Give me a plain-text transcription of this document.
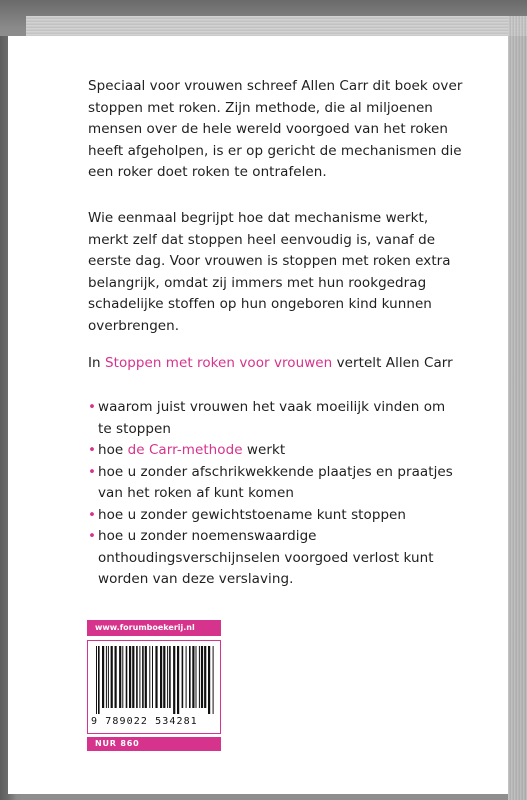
Speciaal voor vrouwen schreef Allen Carr dit boek over
stoppen met roken. Zijn methode, die al miljoenen
mensen over de hele wereld voorgoed van het roken
heeft afgeholpen, is er op gericht de mechanismen die
een roker doet roken te ontrafelen.
Wie eenmaal begrijpt hoe dat mechanisme werkt,
merkt zelf dat stoppen heel eenvoudig is, vanaf de
eerste dag. Voor vrouwen is stoppen met roken extra
belangrijk, omdat zij immers met hun rookgedrag
schadelijke stoffen op hun ongeboren kind kunnen
overbrengen.
In Stoppen met roken voor vrouwen vertelt Allen Carr
• waarom juist vrouwen het vaak moeilijk vinden om
te stoppen
• hoe de Carr-methode werkt
• hoe u zonder afschrikwekkende plaatjes en praatjes
van het roken af kunt komen
• hoe u zonder gewichtstoename kunt stoppen
• hoe u zonder noemenswaardige
onthoudingsverschijnselen voorgoed verlost kunt
worden van deze verslaving.
www.forumboekerij.nl
9 789022 534281
NUR 860
